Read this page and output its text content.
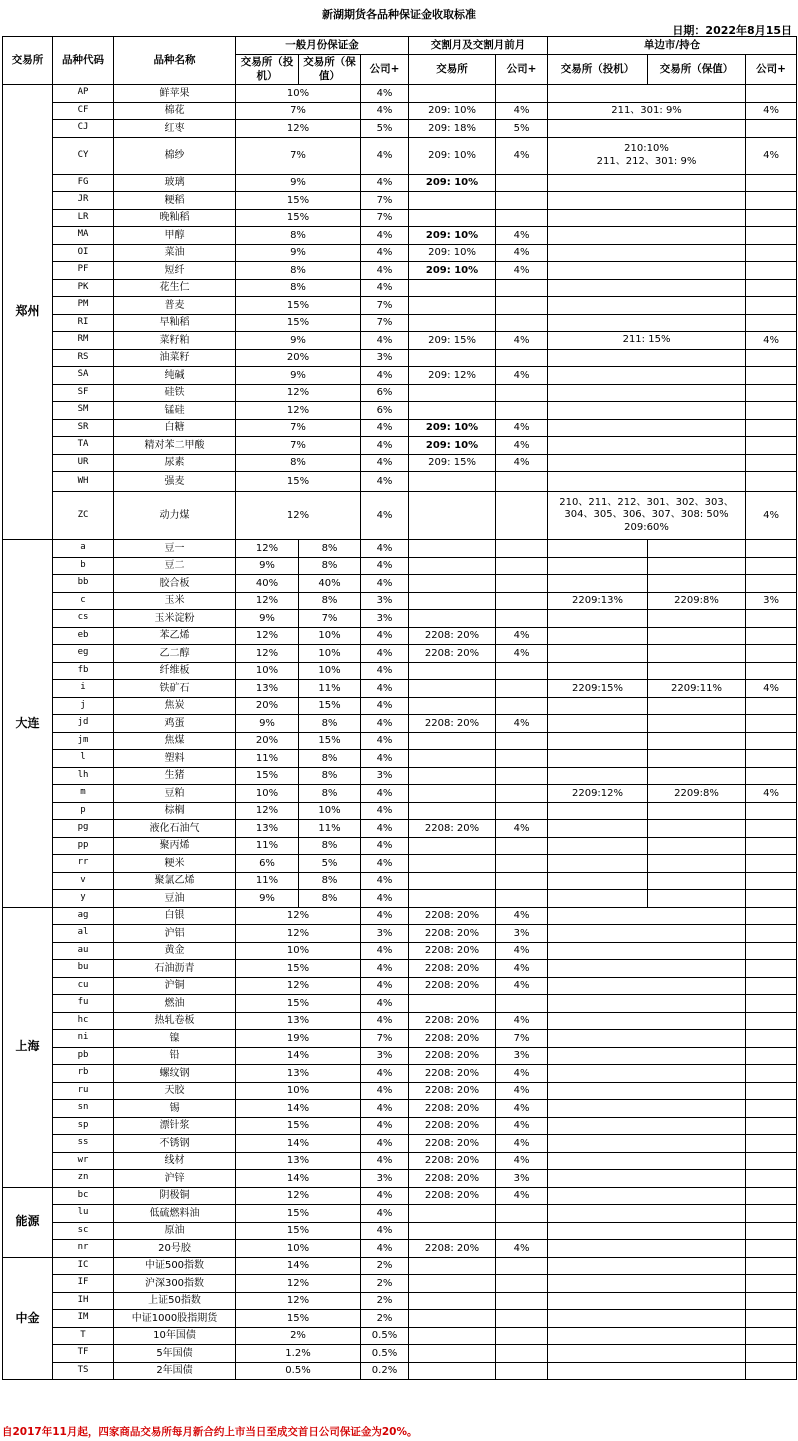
新湖期货各品种保证金收取标准
日期：2022年8月15日
交易所	品种代码	品种名称	一般月份保证金			交割月及交割月前月		单边市/持仓		
			交易所（投机）	交易所（保值）	公司+	交易所	公司+	交易所（投机）	交易所（保值）	公司+
郑州	AP	鲜苹果	10%		4%					
	CF	棉花	7%		4%	209: 10%	4%	211、301: 9%		4%
	CJ	红枣	12%		5%	209: 18%	5%			
	CY	棉纱	7%		4%	209: 10%	4%	210:10%
211、212、301: 9%		4%
	FG	玻璃	9%		4%	209: 10%				
	JR	粳稻	15%		7%					
	LR	晚籼稻	15%		7%					
	MA	甲醇	8%		4%	209: 10%	4%			
	OI	菜油	9%		4%	209: 10%	4%			
	PF	短纤	8%		4%	209: 10%	4%			
	PK	花生仁	8%		4%					
	PM	普麦	15%		7%					
	RI	早籼稻	15%		7%					
	RM	菜籽粕	9%		4%	209: 15%	4%	211: 15%		4%
	RS	油菜籽	20%		3%					
	SA	纯碱	9%		4%	209: 12%	4%			
	SF	硅铁	12%		6%					
	SM	锰硅	12%		6%					
	SR	白糖	7%		4%	209: 10%	4%			
	TA	精对苯二甲酸	7%		4%	209: 10%	4%			
	UR	尿素	8%		4%	209: 15%	4%			
	WH	强麦	15%		4%					
	ZC	动力煤	12%		4%			210、211、212、301、302、303、
304、305、306、307、308: 50%
209:60%		4%
大连	a	豆一	12%	8%	4%					
	b	豆二	9%	8%	4%					
	bb	胶合板	40%	40%	4%					
	c	玉米	12%	8%	3%			2209:13%	2209:8%	3%
	cs	玉米淀粉	9%	7%	3%					
	eb	苯乙烯	12%	10%	4%	2208: 20%	4%			
	eg	乙二醇	12%	10%	4%	2208: 20%	4%			
	fb	纤维板	10%	10%	4%					
	i	铁矿石	13%	11%	4%			2209:15%	2209:11%	4%
	j	焦炭	20%	15%	4%					
	jd	鸡蛋	9%	8%	4%	2208: 20%	4%			
	jm	焦煤	20%	15%	4%					
	l	塑料	11%	8%	4%					
	lh	生猪	15%	8%	3%					
	m	豆粕	10%	8%	4%			2209:12%	2209:8%	4%
	p	棕榈	12%	10%	4%					
	pg	液化石油气	13%	11%	4%	2208: 20%	4%			
	pp	聚丙烯	11%	8%	4%					
	rr	粳米	6%	5%	4%					
	v	聚氯乙烯	11%	8%	4%					
	y	豆油	9%	8%	4%					
上海	ag	白银	12%		4%	2208: 20%	4%			
	al	沪铝	12%		3%	2208: 20%	3%			
	au	黄金	10%		4%	2208: 20%	4%			
	bu	石油沥青	15%		4%	2208: 20%	4%			
	cu	沪铜	12%		4%	2208: 20%	4%			
	fu	燃油	15%		4%					
	hc	热轧卷板	13%		4%	2208: 20%	4%			
	ni	镍	19%		7%	2208: 20%	7%			
	pb	铅	14%		3%	2208: 20%	3%			
	rb	螺纹钢	13%		4%	2208: 20%	4%			
	ru	天胶	10%		4%	2208: 20%	4%			
	sn	锡	14%		4%	2208: 20%	4%			
	sp	漂针浆	15%		4%	2208: 20%	4%			
	ss	不锈钢	14%		4%	2208: 20%	4%			
	wr	线材	13%		4%	2208: 20%	4%			
	zn	沪锌	14%		3%	2208: 20%	3%			
能源	bc	阴极铜	12%		4%	2208: 20%	4%			
	lu	低硫燃料油	15%		4%					
	sc	原油	15%		4%					
	nr	20号胶	10%		4%	2208: 20%	4%			
中金	IC	中证500指数	14%		2%					
	IF	沪深300指数	12%		2%					
	IH	上证50指数	12%		2%					
	IM	中证1000股指期货	15%		2%					
	T	10年国债	2%		0.5%					
	TF	5年国债	1.2%		0.5%					
	TS	2年国债	0.5%		0.2%					
自2017年11月起，四家商品交易所每月新合约上市当日至成交首日公司保证金为20%。
